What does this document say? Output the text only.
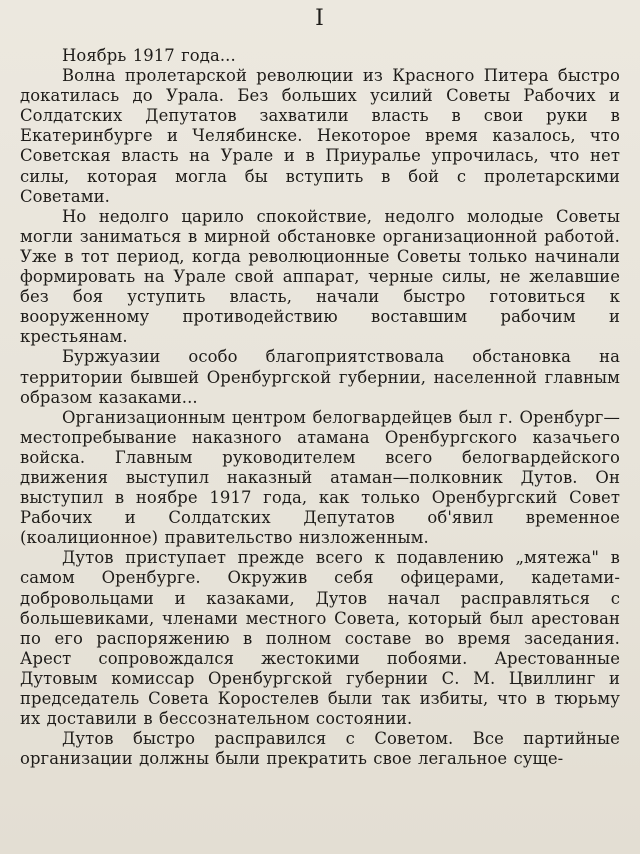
I

Ноябрь 1917 года...

Волна пролетарской революции из Красного Питера быстро докатилась до Урала. Без больших усилий Советы Рабочих и Солдатских Депутатов захватили власть в свои руки в Екатеринбурге и Челябинске. Некоторое время казалось, что Советская власть на Урале и в Приуралье упрочилась, что нет силы, которая могла бы вступить в бой с пролетарскими Советами.

Но недолго царило спокойствие, недолго молодые Советы могли заниматься в мирной обстановке организационной работой. Уже в тот период, когда революционные Советы только начинали формировать на Урале свой аппарат, черные силы, не желавшие без боя уступить власть, начали быстро готовиться к вооруженному противодействию воставшим рабочим и крестьянам.

Буржуазии особо благоприятствовала обстановка на территории бывшей Оренбургской губернии, населенной главным образом казаками...

Организационным центром белогвардейцев был г. Оренбург—местопребывание наказного атамана Оренбургского казачьего войска. Главным руководителем всего белогвардейского движения выступил наказный атаман—полковник Дутов. Он выступил в ноябре 1917 года, как только Оренбургский Совет Рабочих и Солдатских Депутатов об'явил временное (коалиционное) правительство низложенным.

Дутов приступает прежде всего к подавлению „мятежа" в самом Оренбурге. Окружив себя офицерами, кадетами-добровольцами и казаками, Дутов начал расправляться с большевиками, членами местного Совета, который был арестован по его распоряжению в полном составе во время заседания. Арест сопровождался жестокими побоями. Арестованные Дутовым комиссар Оренбургской губернии С. М. Цвиллинг и председатель Совета Коростелев были так избиты, что в тюрьму их доставили в бессознательном состоянии.

Дутов быстро расправился с Советом. Все партийные организации должны были прекратить свое легальное суще-
